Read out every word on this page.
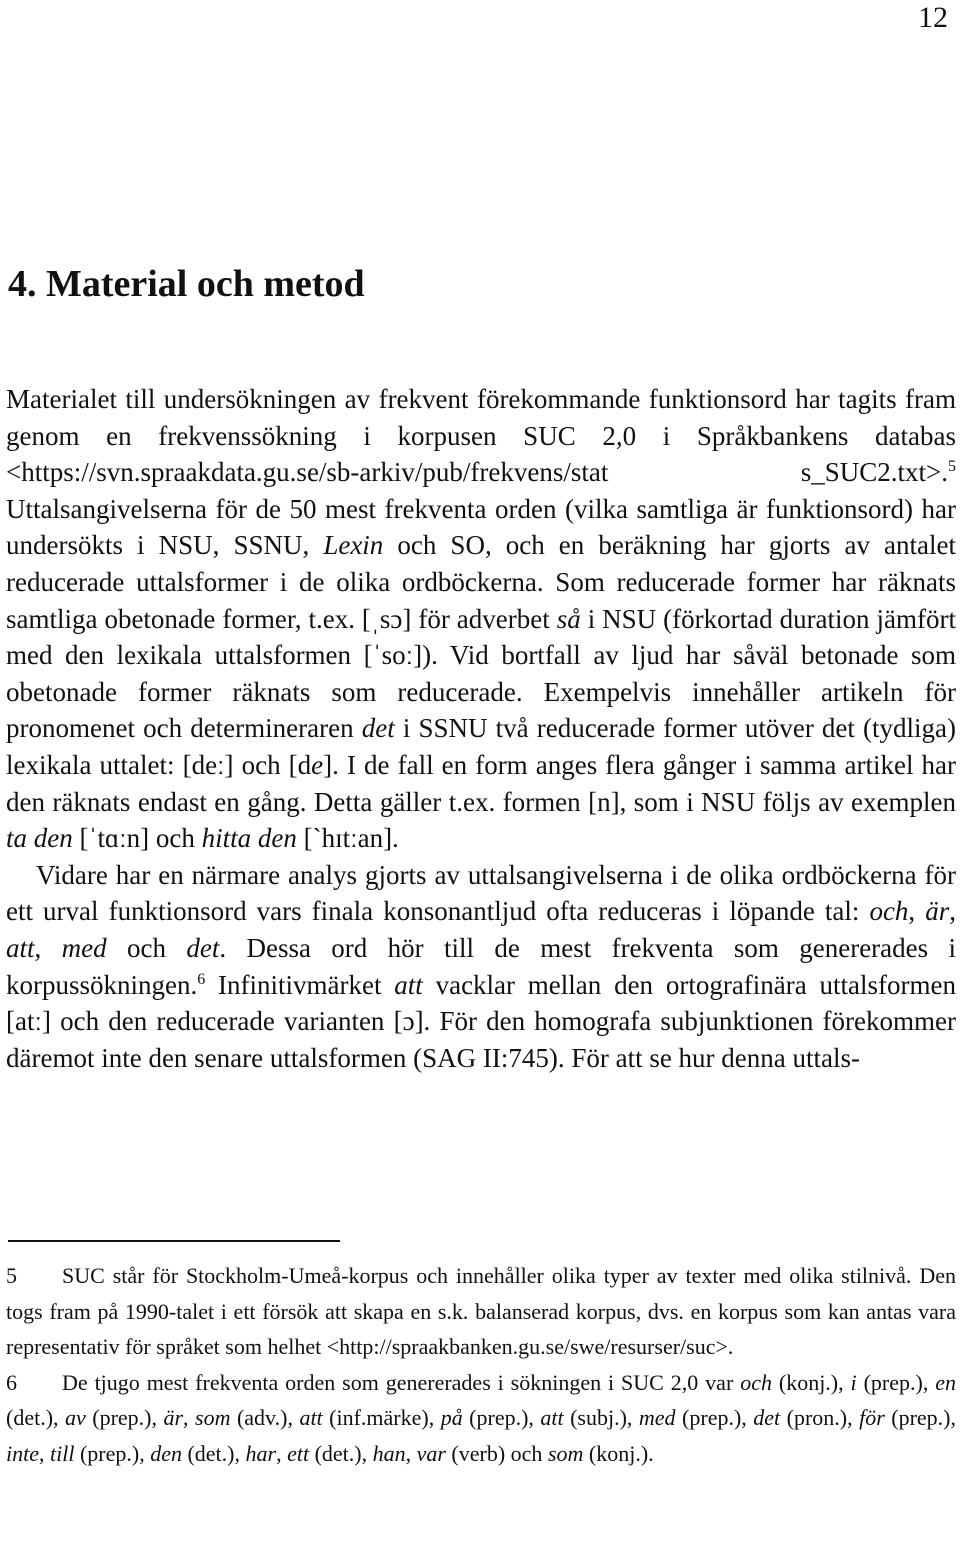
12
4. Material och metod

Materialet till undersökningen av frekvent förekommande funktionsord har tagits fram genom en frekvenssökning i korpusen SUC 2,0 i Språkbankens databas <https://svn.spraakdata.gu.se/sb-arkiv/pub/frekvens/stat s_SUC2.txt>.$^5$ Uttalsangivelserna för de 50 mest frekventa orden (vilka samtliga är funktionsord) har undersökts i NSU, SSNU, Lexin och SO, och en beräkning har gjorts av antalet reducerade uttalsformer i de olika ordböckerna. Som reducerade former har räknats samtliga obetonade former, t.ex. [ˌsɔ] för adverbet så i NSU (förkortad duration jämfört med den lexikala uttalsformen [ˈsoː]). Vid bortfall av ljud har såväl betonade som obetonade former räknats som reducerade. Exempelvis innehåller artikeln för pronomenet och determineraren det i SSNU två reducerade former utöver det (tydliga) lexikala uttalet: [deː] och [de]. I de fall en form anges flera gånger i samma artikel har den räknats endast en gång. Detta gäller t.ex. formen [n], som i NSU följs av exemplen ta den [ˈtɑːn] och hitta den [ˋhɪtːan].

Vidare har en närmare analys gjorts av uttalsangivelserna i de olika ordböckerna för ett urval funktionsord vars finala konsonantljud ofta reduceras i löpande tal: och, är, att, med och det. Dessa ord hör till de mest frekventa som genererades i korpussökningen.$^6$ Infinitivmärket att vacklar mellan den ortografinära uttalsformen [atː] och den reducerade varianten [ɔ]. För den homografa subjunktionen förekommer däremot inte den senare uttalsformen (SAG II:745). För att se hur denna uttals-

5 SUC står för Stockholm-Umeå-korpus och innehåller olika typer av texter med olika stilnivå. Den togs fram på 1990-talet i ett försök att skapa en s.k. balanserad korpus, dvs. en korpus som kan antas vara representativ för språket som helhet <http://spraakbanken.gu.se/swe/resurser/suc>.

6 De tjugo mest frekventa orden som genererades i sökningen i SUC 2,0 var och (konj.), i (prep.), en (det.), av (prep.), är, som (adv.), att (inf.märke), på (prep.), att (subj.), med (prep.), det (pron.), för (prep.), inte, till (prep.), den (det.), har, ett (det.), han, var (verb) och som (konj.).
